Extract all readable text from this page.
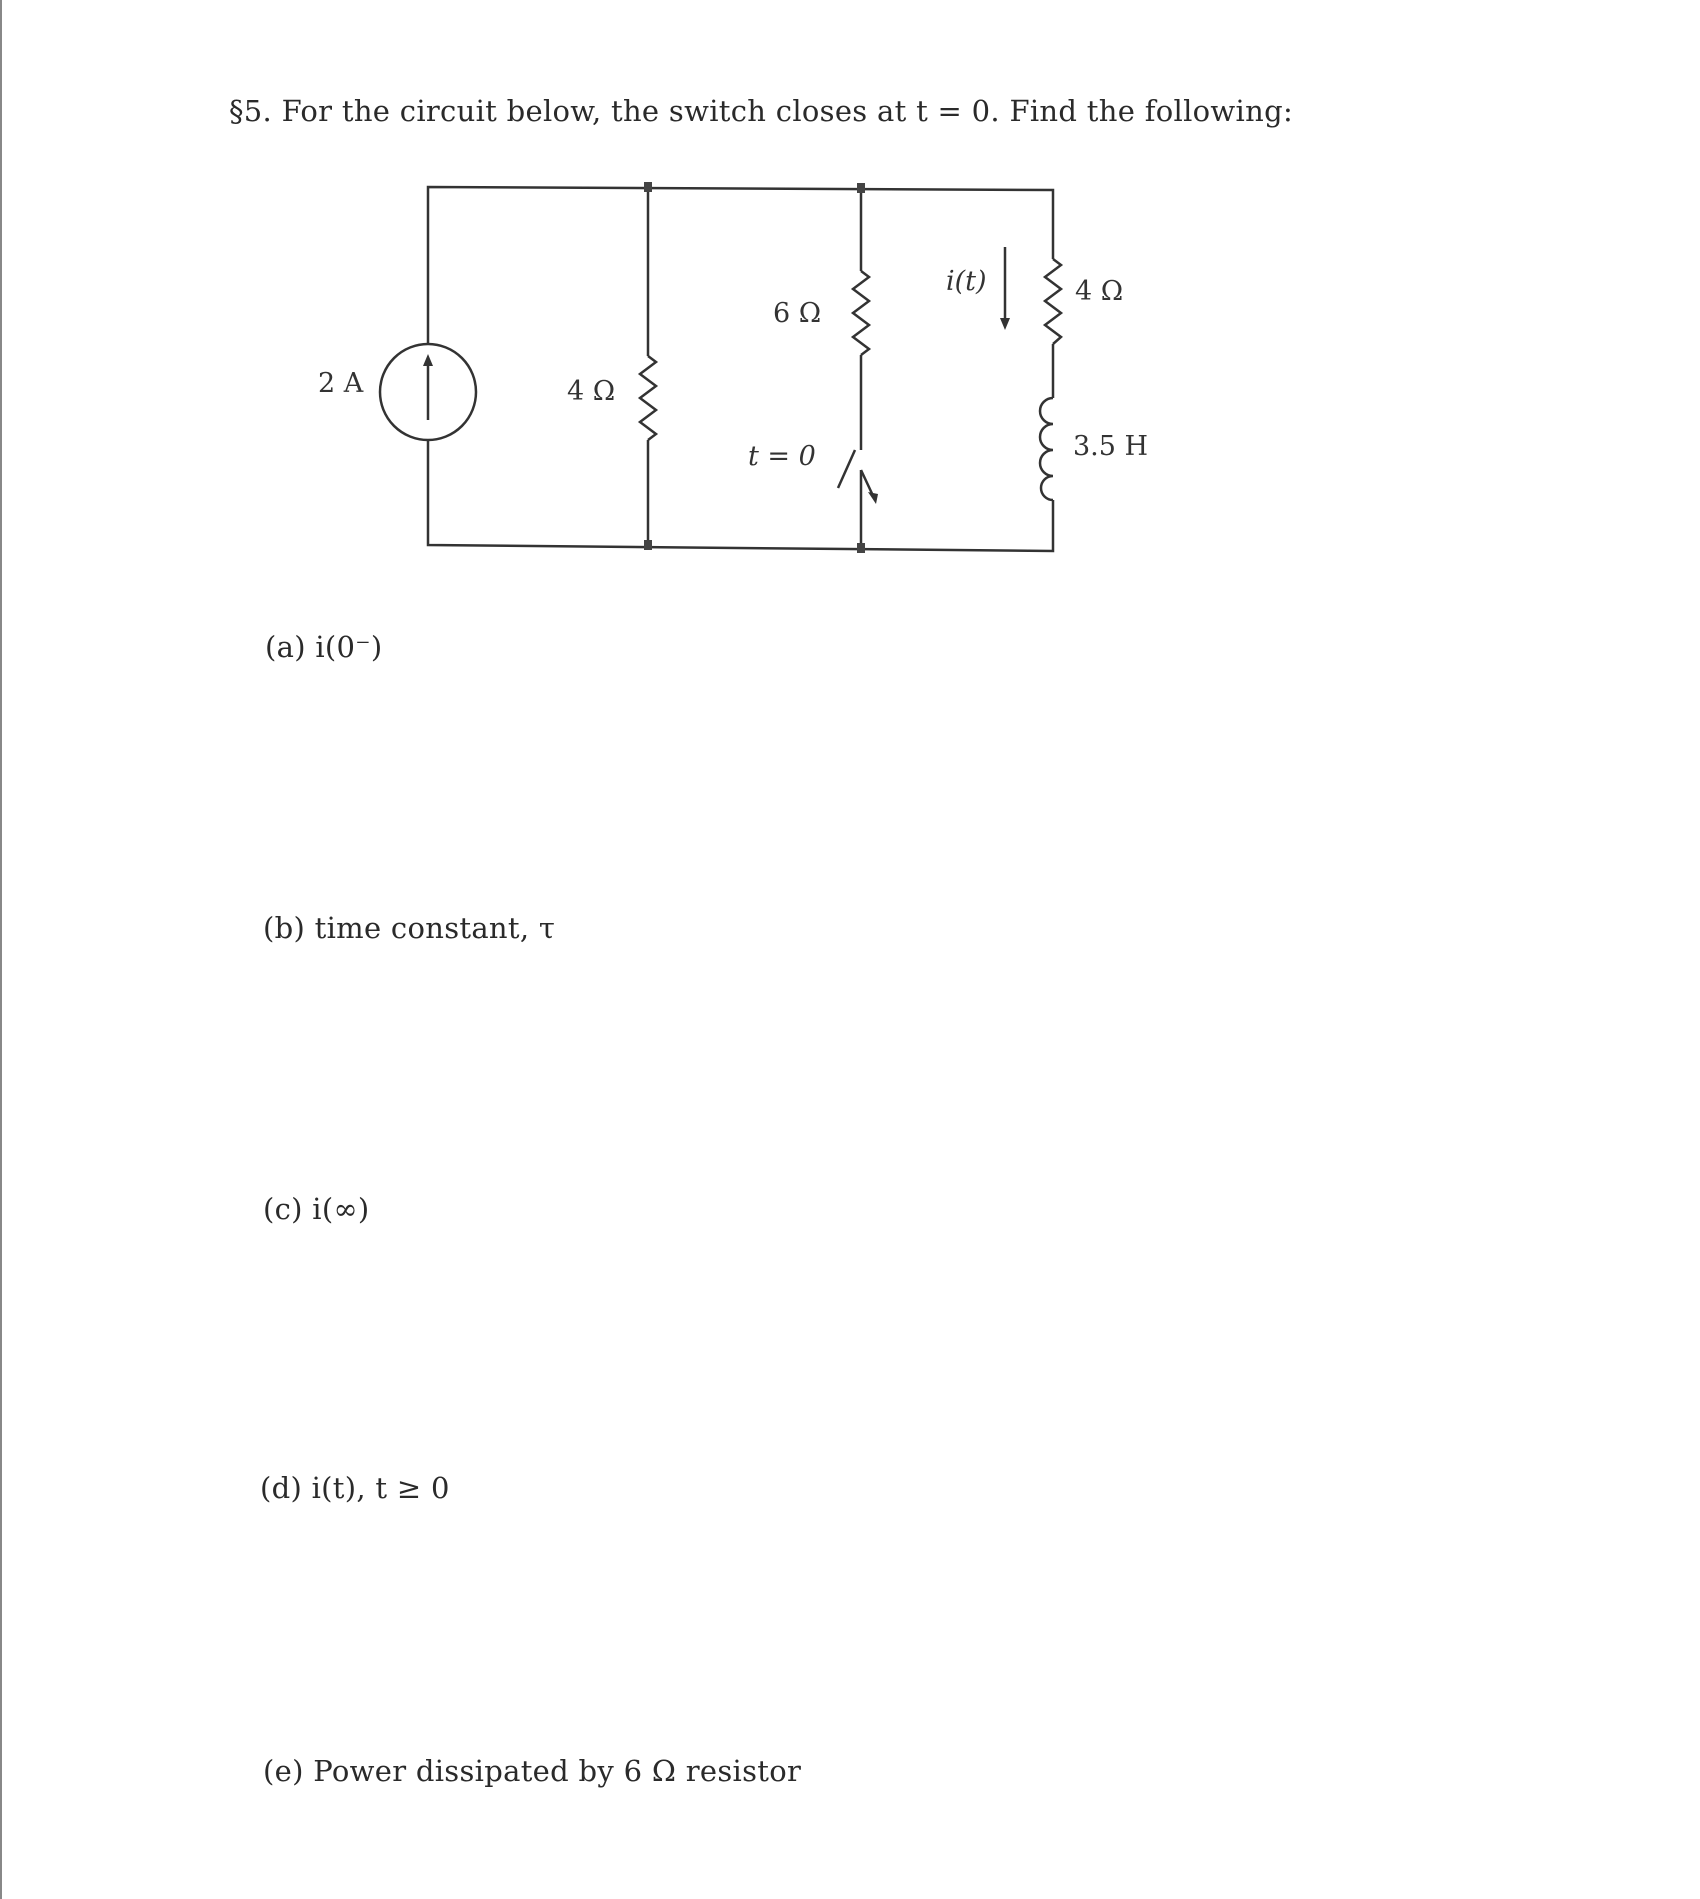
§5. For the circuit below, the switch closes at t = 0. Find the following:
2 A	4 Ω
6 Ω
t = 0
i(t)	4 Ω
3.5 H
(a) i(0⁻)
(b) time constant, τ
(c) i(∞)
(d) i(t), t ≥ 0
(e) Power dissipated by 6 Ω resistor
